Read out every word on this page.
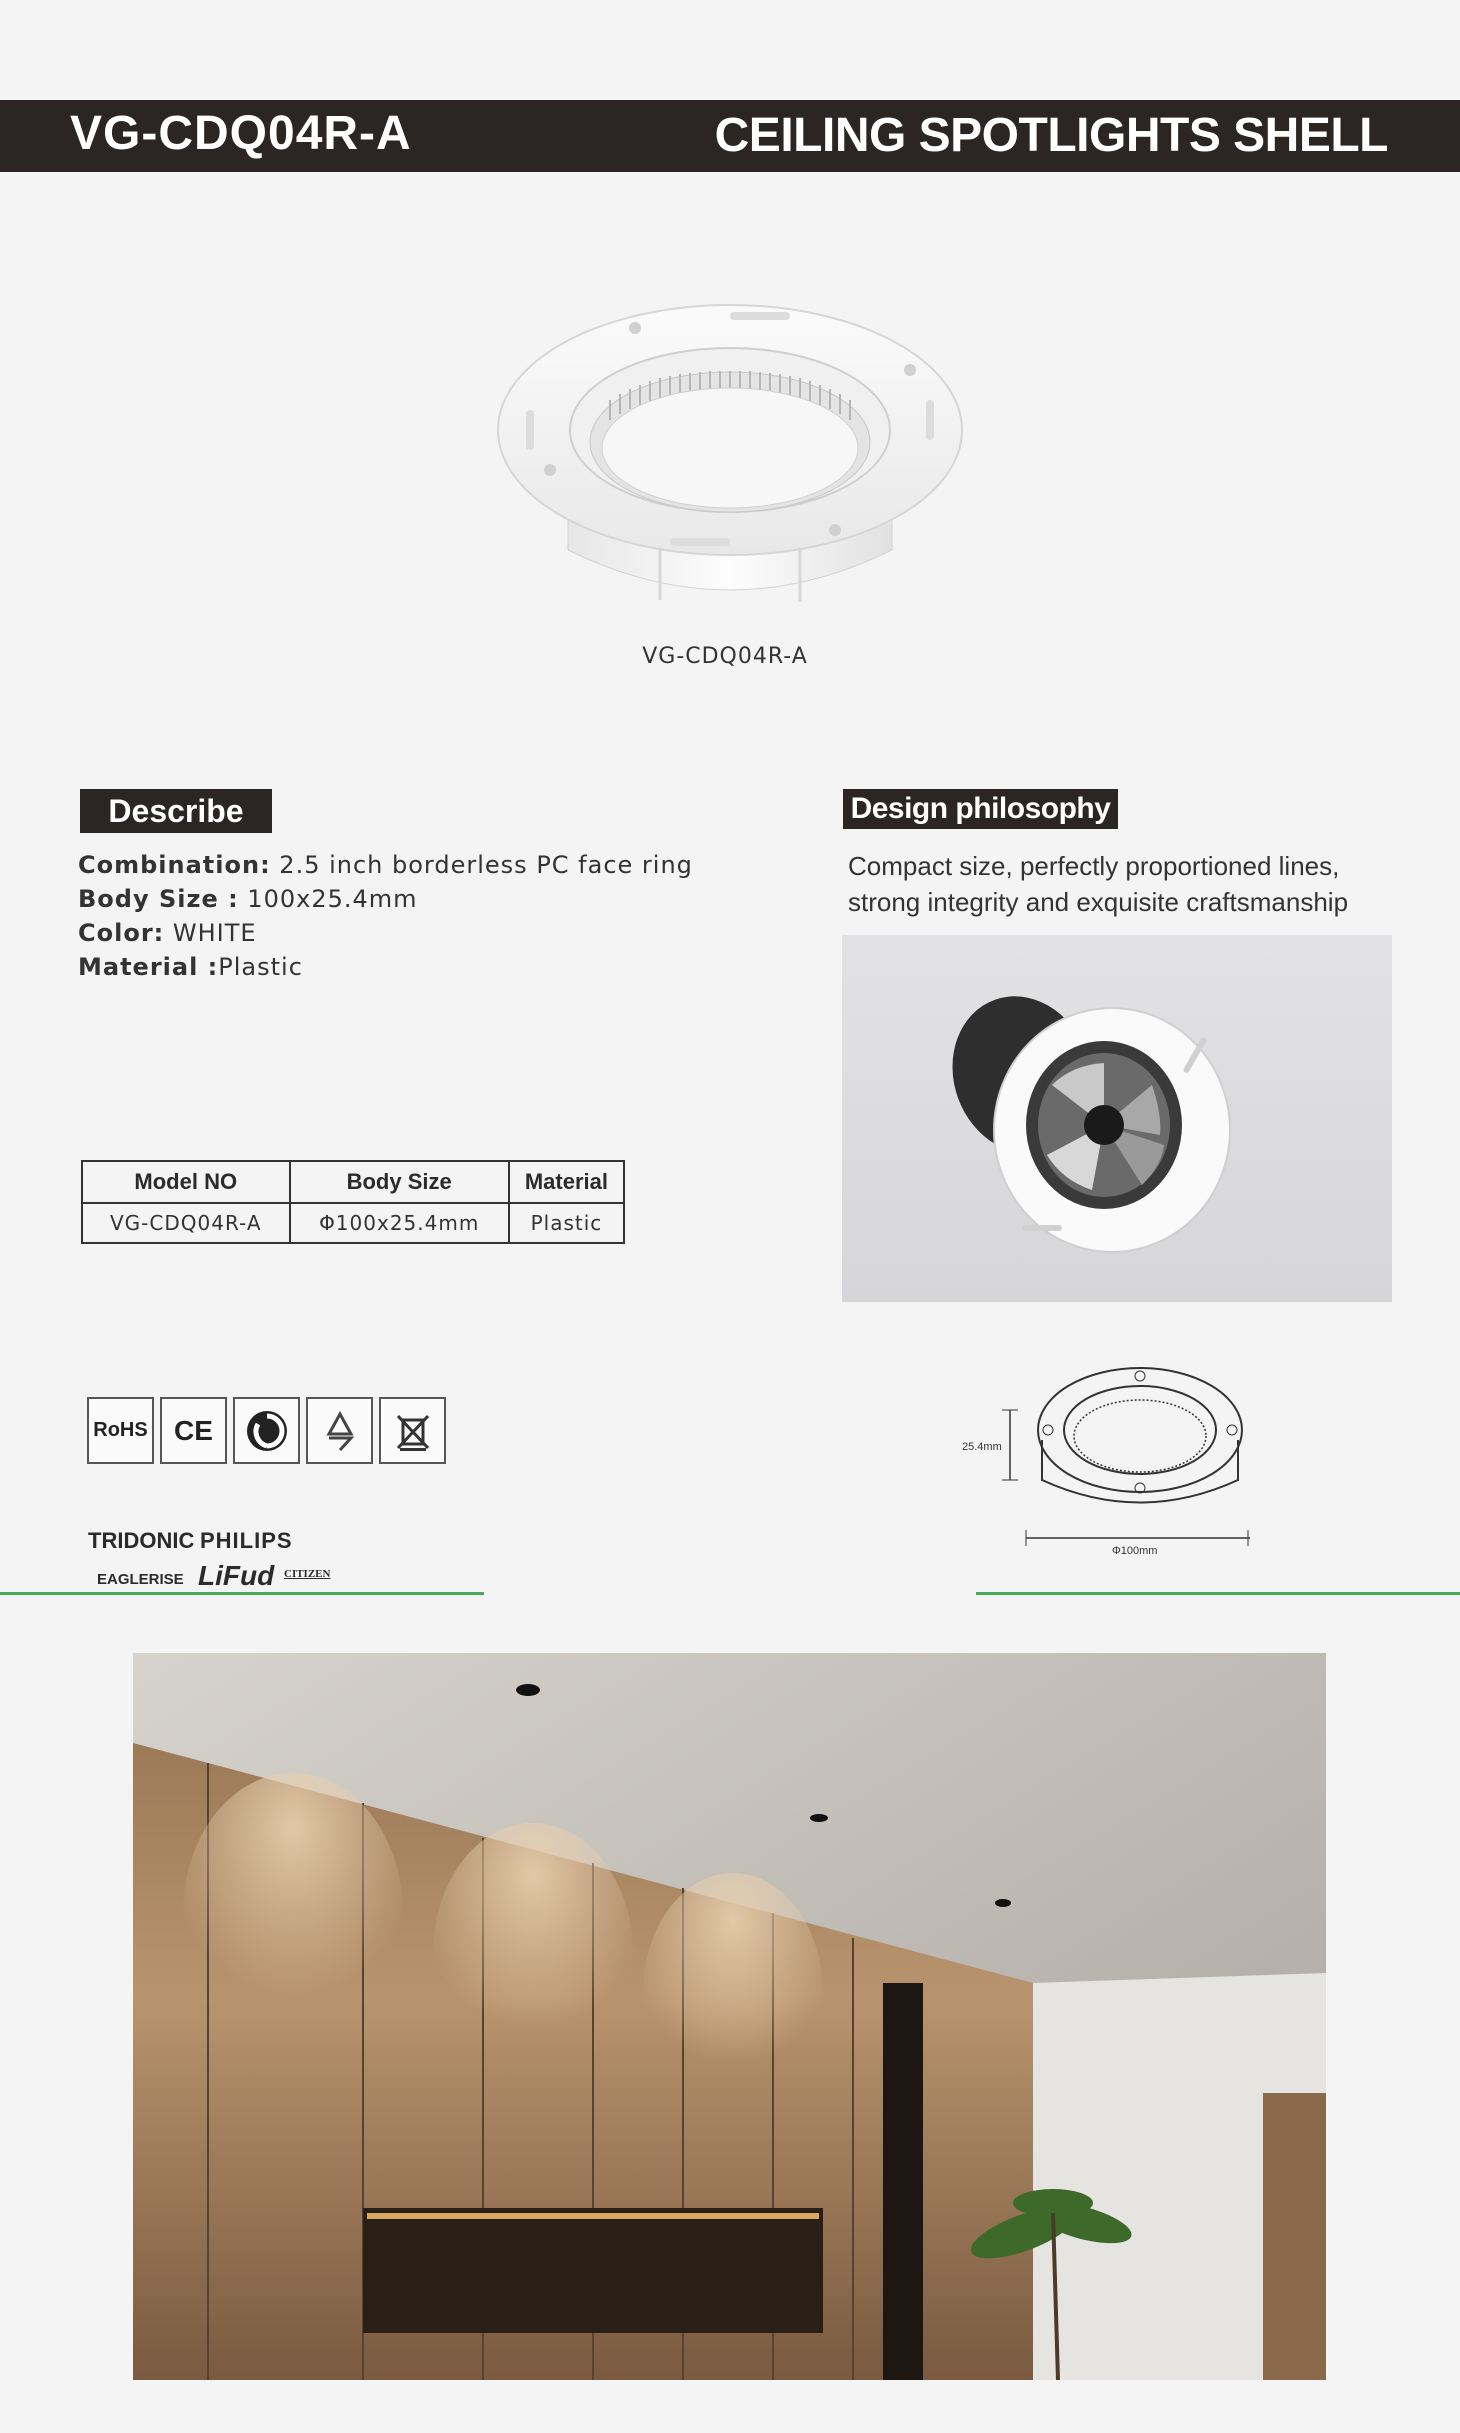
VG-CDQ04R-A	CEILING SPOTLIGHTS SHELL
VG-CDQ04R-A
Describe
Combination: 2.5 inch borderless PC face ring
Body Size : 100x25.4mm
Color: WHITE
Material :Plastic
Design philosophy
Compact size, perfectly proportioned lines, strong integrity and exquisite craftsmanship
Model NO	Body Size	Material
VG-CDQ04R-A	Φ100x25.4mm	Plastic
RoHS CE
TRIDONIC PHILIPS
EAGLERISE LiFud CITIZEN
25.4mm
Φ100mm
